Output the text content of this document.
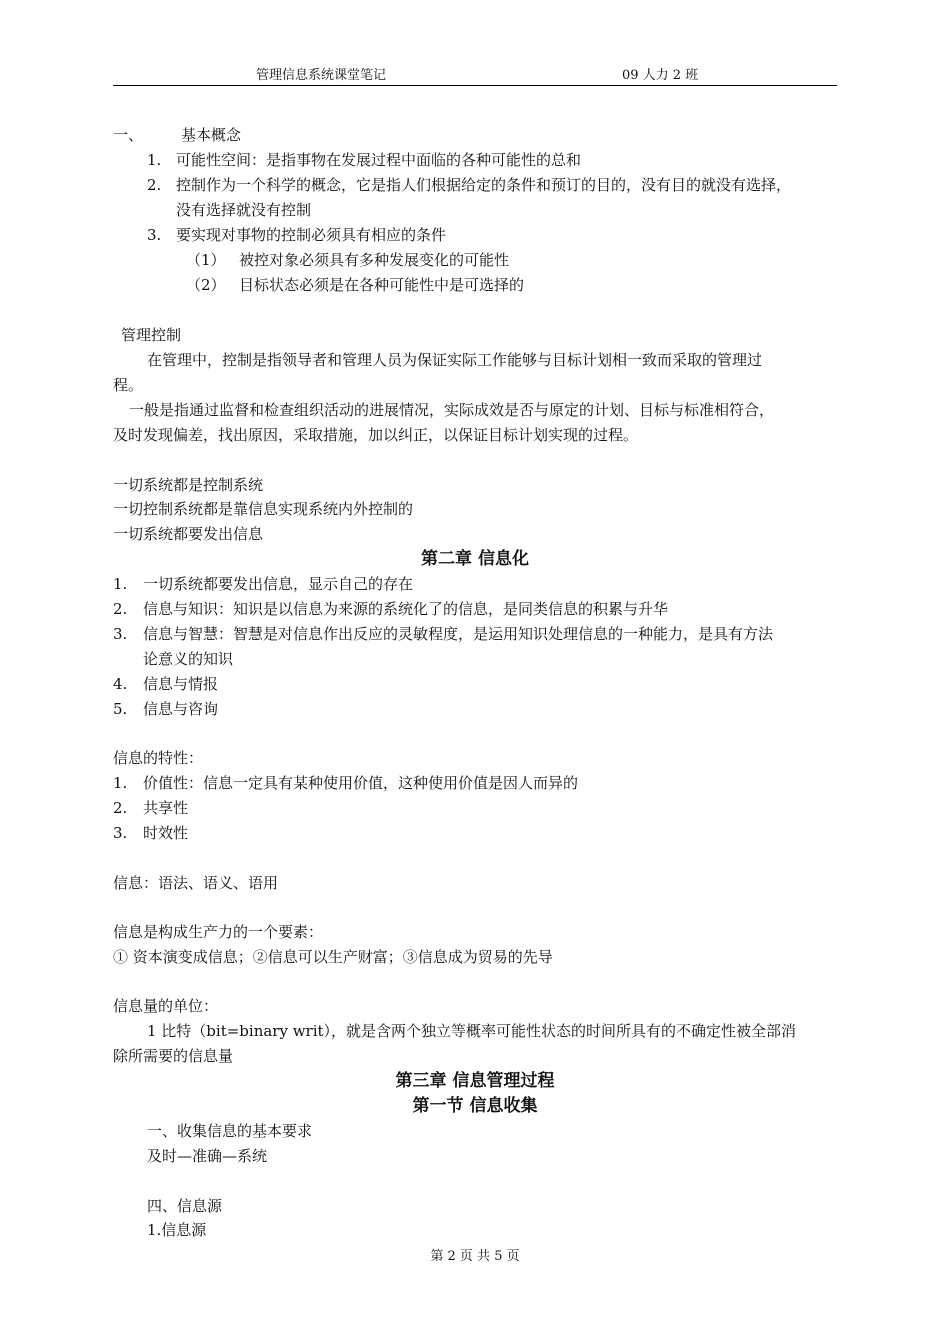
管理信息系统课堂笔记	09 人力 2 班
一、	基本概念
1. 可能性空间：是指事物在发展过程中面临的各种可能性的总和
2. 控制作为一个科学的概念，它是指人们根据给定的条件和预订的目的，没有目的就没有选择，
没有选择就没有控制
3. 要实现对事物的控制必须具有相应的条件
（1） 被控对象必须具有多种发展变化的可能性
（2） 目标状态必须是在各种可能性中是可选择的
管理控制
在管理中，控制是指领导者和管理人员为保证实际工作能够与目标计划相一致而采取的管理过
程。
一般是指通过监督和检查组织活动的进展情况，实际成效是否与原定的计划、目标与标准相符合，
及时发现偏差，找出原因，采取措施，加以纠正，以保证目标计划实现的过程。
一切系统都是控制系统
一切控制系统都是靠信息实现系统内外控制的
一切系统都要发出信息
第二章 信息化
1. 一切系统都要发出信息，显示自己的存在
2. 信息与知识：知识是以信息为来源的系统化了的信息，是同类信息的积累与升华
3. 信息与智慧：智慧是对信息作出反应的灵敏程度，是运用知识处理信息的一种能力，是具有方法
论意义的知识
4. 信息与情报
5. 信息与咨询
信息的特性：
1. 价值性：信息一定具有某种使用价值，这种使用价值是因人而异的
2. 共享性
3. 时效性
信息：语法、语义、语用
信息是构成生产力的一个要素：
① 资本演变成信息；②信息可以生产财富；③信息成为贸易的先导
信息量的单位：
1 比特（bit=binary writ），就是含两个独立等概率可能性状态的时间所具有的不确定性被全部消
除所需要的信息量
第三章 信息管理过程
第一节 信息收集
一、收集信息的基本要求
及时—准确—系统
四、信息源
1.信息源
第 2 页 共 5 页
